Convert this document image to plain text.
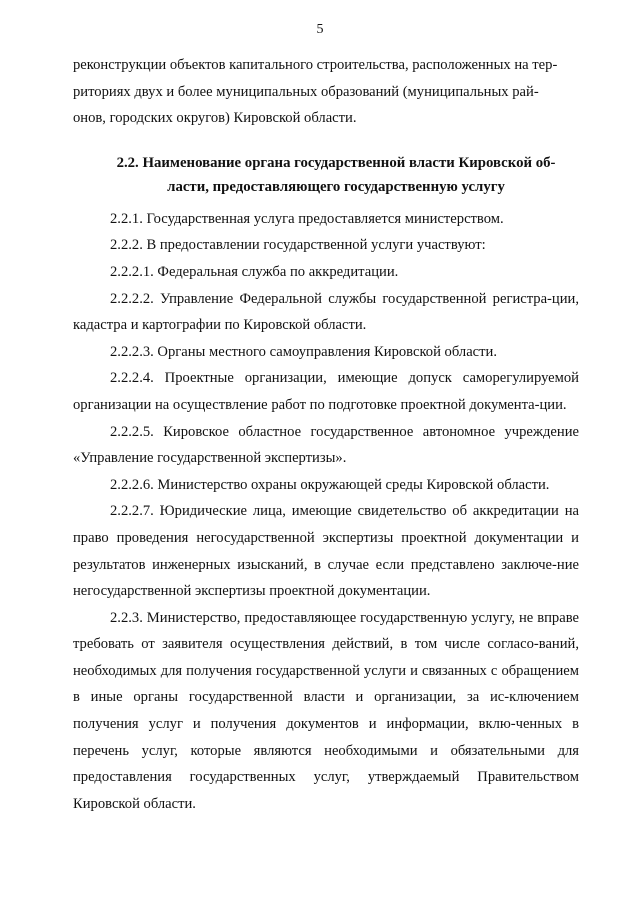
5

реконструкции объектов капитального строительства, расположенных на тер-

риториях двух и более муниципальных образований (муниципальных рай-

онов, городских округов) Кировской области.

2.2. Наименование органа государственной власти Кировской об-
ласти, предоставляющего государственную услугу

2.2.1. Государственная услуга предоставляется министерством.

2.2.2. В предоставлении государственной услуги участвуют:

2.2.2.1. Федеральная служба по аккредитации.

2.2.2.2. Управление Федеральной службы государственной регистра-ции, кадастра и картографии по Кировской области.

2.2.2.3. Органы местного самоуправления Кировской области.

2.2.2.4. Проектные организации, имеющие допуск саморегулируемой организации на осуществление работ по подготовке проектной документа-ции.

2.2.2.5. Кировское областное государственное автономное учреждение «Управление государственной экспертизы».

2.2.2.6. Министерство охраны окружающей среды Кировской области.

2.2.2.7. Юридические лица, имеющие свидетельство об аккредитации на право проведения негосударственной экспертизы проектной документации и результатов инженерных изысканий, в случае если представлено заключе-ние негосударственной экспертизы проектной документации.

2.2.3. Министерство, предоставляющее государственную услугу, не вправе требовать от заявителя осуществления действий, в том числе согласо-ваний, необходимых для получения государственной услуги и связанных с обращением в иные органы государственной власти и организации, за ис-ключением получения услуг и получения документов и информации, вклю-ченных в перечень услуг, которые являются необходимыми и обязательными для предоставления государственных услуг, утверждаемый Правительством Кировской области.
